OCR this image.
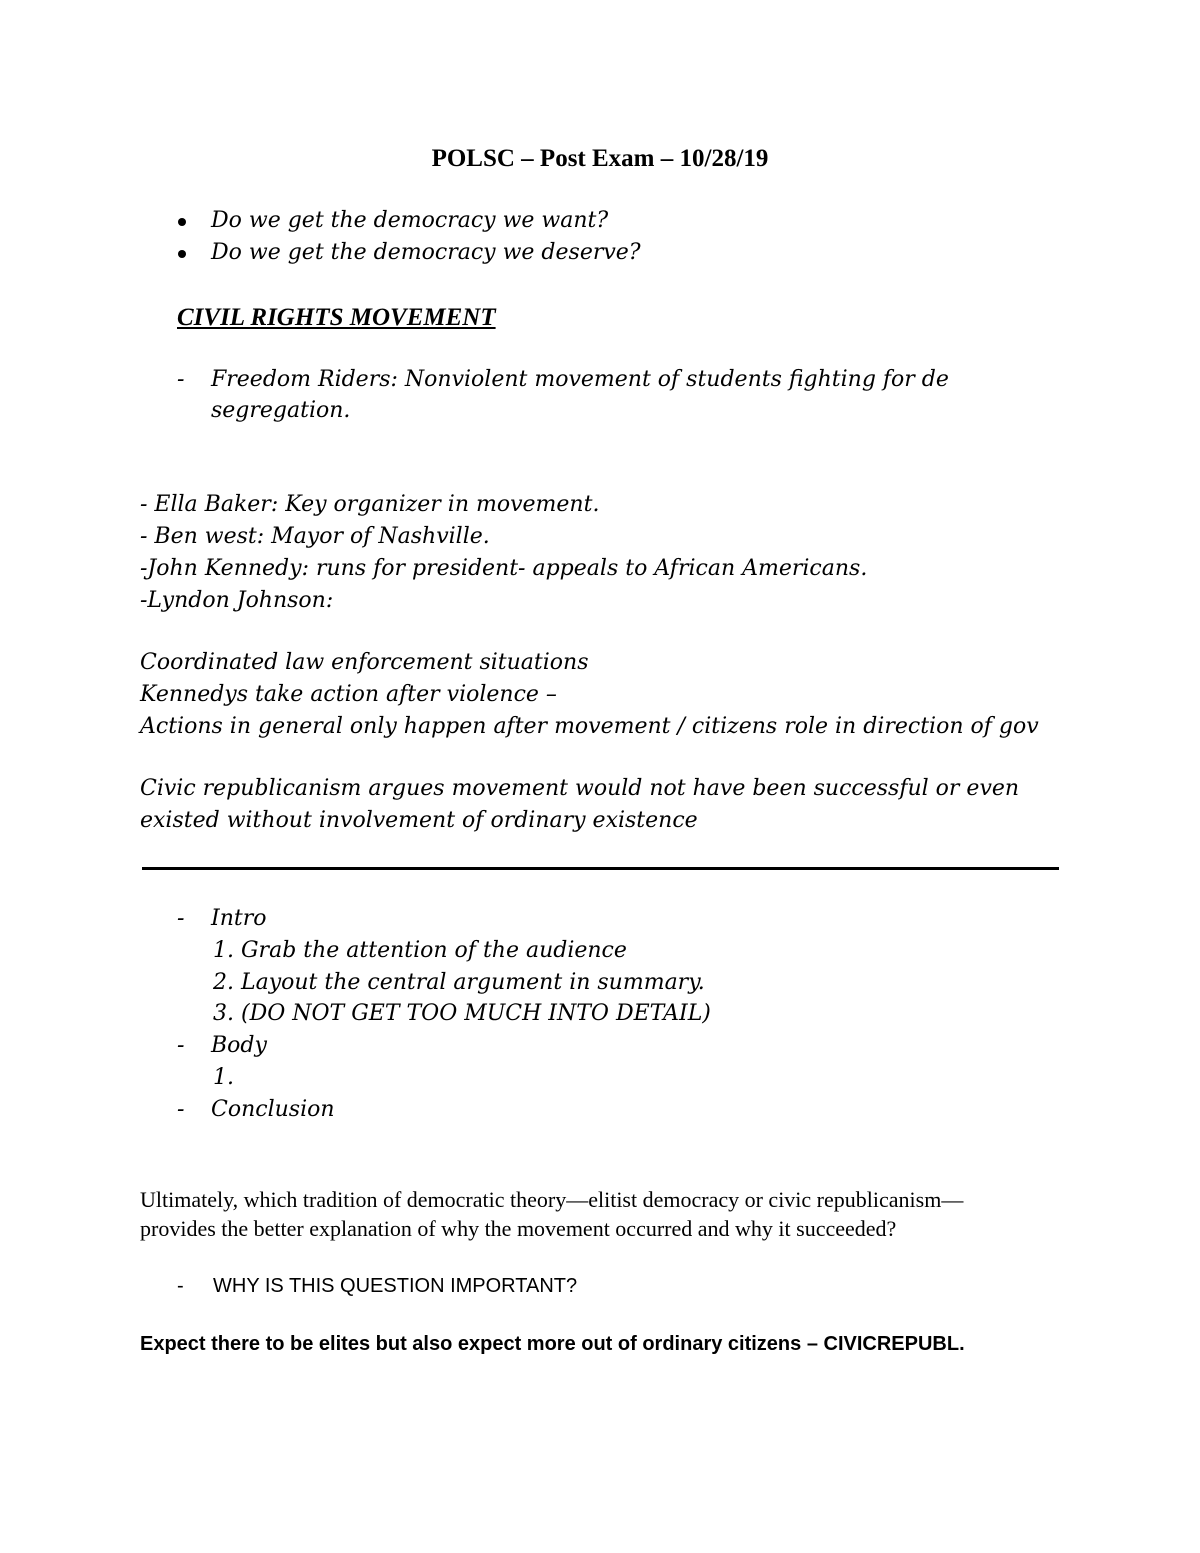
POLSC – Post Exam – 10/28/19
Do we get the democracy we want?
Do we get the democracy we deserve?
CIVIL RIGHTS MOVEMENT
- Freedom Riders: Nonviolent movement of students fighting for de
segregation.
- Ella Baker: Key organizer in movement.
- Ben west: Mayor of Nashville.
-John Kennedy: runs for president- appeals to African Americans.
-Lyndon Johnson:
Coordinated law enforcement situations
Kennedys take action after violence –
Actions in general only happen after movement / citizens role in direction of gov
Civic republicanism argues movement would not have been successful or even
existed without involvement of ordinary existence
- Intro
1. Grab the attention of the audience
2. Layout the central argument in summary.
3. (DO NOT GET TOO MUCH INTO DETAIL)
- Body
1.
- Conclusion
Ultimately, which tradition of democratic theory—elitist democracy or civic republicanism—
provides the better explanation of why the movement occurred and why it succeeded?
- WHY IS THIS QUESTION IMPORTANT?
Expect there to be elites but also expect more out of ordinary citizens – CIVICREPUBL.
